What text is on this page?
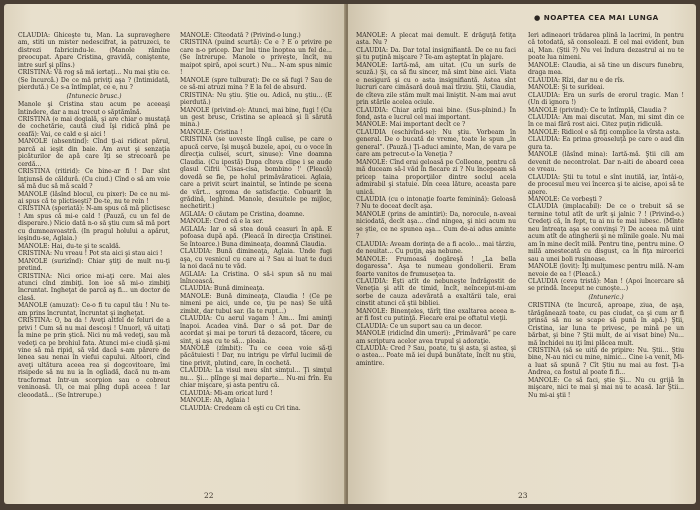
CLAUDIA: Ghiceşte tu, Man. La supraveghere am, stiti un mister nedescifrat, ia patruzeci, te distrezi fabricindu-le. (Manole rămîne preocupat. Apare Cristina, gravidă, coniştente, intre surî şi plîns.)

CRISTINA: Vă rog să mă iertaţi... Nu mai ştiu ce. (Se încurcă.) De ce mă priviţi aşa ? (Intimidată, pierdută.) Ce s-a întîmplat, ce e, nu ?

(Intunecic brusc.)

Manole şi Cristina stau acum pe aceeaşi întindere, dar a mai trecut o săptămînă.

CRISTINA (e mai dogială, şi are chiar o mustaţă de cochetărie, caută ciud îşi ridică pînă pe ceafă): Vai, ce cald e şi aici !

MANOLE (absentind): Cînd ţi-ai ridicat părul, parcă ai ieşit din baie. Am avut şi senzaţia picăturilor de apă care îţi se strecoară pe cerdă...

CRISTINA (ritirid): Ce bine-ar fi ! Dar sînt înţiunsă de căldură. (Cu ciud.) Cînd o să am voie să mă duc să mă scald ?

MANOLE (lăsînd blocul, cu pixer): De ce nu mi-ai spus că te plictiseşti? De-te, nu te rein !

CRISTINA (speriată): N-am spus că mă plictisesc ! Am spus că mi-e cald ! (Pauză, cu un fel de disperare.) Nicio dată n-o să ştiu cum să mă port cu dumneavoastră. (In pragul holului a apărut, ieşindu-se, Aglaia.)

MANOLE: Hai, du-te şi te scaldă.

CRISTINA: Nu vreau ! Pot sta aici şi stau aici !

MANOLE (surizînd): Chiar ştiţi de mult nu-ţi pretind.

CRISTINA: Nici orice mi-aţi cere. Mai ales atunci cînd zimbiţi. Ion ioe să mi-o zimbiţi încruntat. Ingheţat de parcă aş fi... un doctor de clasă.

MANOLE (amuzat): Ce-o fi tu capul tău ! Nu te-am prins încruntat, încruntat şi ingheţat.

CRISTINA: O, ba da ! Aveţi altfel de feluri de a privi ! Cum să nu mai descoşi ! Unuorl, vă uitaţi la mine pe prin ştică. Nici nu mă vedeţi, sau mă vedeţi ca pe brohiul fata. Atunci mi-e ciudă şi-mi vine să mă ripid, să văd dacă s-am părere de lenea sau nenai în viefui capului. Altoori, cînd aveţi ultătura aceea rea şi dogcovitoare, îmi risipede să nu nu ia în ogliadă, dacă nu m-am tracformat într-un scorpion sau o cobreut veninoasă. Ui, ce mai plîng după aceea ! Iar cleoodată... (Se întrerupe.)

MANOLE: Cîteodată ? (Privind-o lung.)

CRISTINA (puind scurtă): Ce e ? E o privire pe care n-o pricep. Dar îmi tine înoptea un fel de... (Se întrerupe. Manole o priveşte, încît, nu maipot spiră, apoi scurt.) Nu... N-am spus nimic !

MANOLE (spre tulburat): De ce să fugi ? Sau de ce să-mi atruzi mina ? E la fel de absurd.

CRISTINA: Nu ştiu. Ştie ou. Adică, nu ştiu... (E pierdută.)

MANOLE (privind-o): Atunci, mai bine, fugi ! (Cu un gest brusc, Cristina se apleacă şi îi sărută mina.)

MANOLE: Cristina !

CRISTINA (se uoveste lîngă culise, pe care o apucă cerve, îşi muşcă buzele, apoi, cu o voce în direcţia culiseĭ, scurt, sinuse): Vine doamna Claudia. (Cu ipostă) Dupa cîteva clipe i se aude glasul Cifrii 'Cisas-cisa, bombino !' (Pleacă) dovedă se fie, pe holul primăvăraticei. Aglaia, care a privit scurt inaintul, se întinde pe scena de vărt... sgroma de satisfacţie. Cobuarit în grădină, leghind. Manole, desuitele pe mijloc, nechetirit.)

AGLAIA: O căutam pe Cristina, doamne.

MANOLE: Cred că e la ser.

AGLAIA: Iar o să stea două ceasuri în apă. E pofoasa după apă. (Pleacă în direcţia Cristinei. Se întoarce.) Buna dimineaţa, doamnă Claudia.

CLAUDIA: Bună dimineaţa, Aglaia. Unde fugi aşa, cu vesnicul cu care ai ? Sau ai luat te duci la noi dacă nu te văd.

AGLAIA: La Cristina. O să-i spun să nu mai înîncească.

CLAUDIA: Bună dimineaţa.

MANOLE: Bună dimineaţa, Claudia ! (Ce pe nimeni pe aici, unde ce, ţiu pe nas) Se uită zimbit, dar tubul sar. (Ia te rupt...)

CLAUDIA: Cu aerul vagam ! Am... Îmi aminţi înapoi. Acadea vină. Dar o să pot. Dar de acordat şi mai pe toruri tă dezacord, tăcere, cu sint, şi aşa cu te să... ploaia.

MANOLE (zîmbit): Tu ce ceea voie să-ţi păcătuiesti ! Dar, nu intrigu pe vîrful lucimii de tine privit, plutind, care, în cochetă.

CLAUDIA: La visul meu sînt simţul... Ţi simţul nu... Şi... plînge şi mai departe... Nu-mi frîn. Eu chiar mişcare, şi asta pentru că.

CLAUDIA: Mi-am oricat lurd !

MANOLE: Ah, Aglaia !

CLAUDIA: Credeam că eşti cu Cri tina.

22
● NOAPTEA CEA MAI LUNGA

MANOLE: A plecat mai demult. E drăguţă fetiţa asta. Nu ?

CLAUDIA: Da. Dar total insignifiantă. De ce nu faci şi tu puţină mişcare ? Te-am aşteptat în plajare.

MANOLE: Iartă-mă, am uitat. (Cu un surîs de scuză.) Şi, ca să fiu sincer, mă simt bine aici. Viata e nesigură şi cu o asta insignifiantă. Astea sînt lucruri care cimăsară două mai tîrziu. Ştii, Claudia, de cîteva zile stăm mult mai liniştit. N-am mai avut prin stările acelea ociule.

CLAUDIA: Chiar arăţi mai bine. (Sus-pînind.) În fond, asta e lucrul cel mai important.

MANOLE: Mai important decît ce ?

CLAUDIA (eschivînd-se): Nu ştiu. Vorbeam în general. De o bucată de vreme, toate le spun „în general”. (Pauză.) Ţi-aduci aminte, Man, de vara pe care am petrecut-o la Veneţia ?

MANOLE: Cînd erai geloasă pe Colleone, pentru că mă duceam să-l văd în fiecare zi ? Nu începeam să pricep taina proporţiilor dintre soclul acela admirabil şi statuie. Din ceea lăture, aceasta pare unică.

CLAUDIA (cu o intonaţie foarte feminină): Geloasă ? Nu te doceat decît aşa.

MANOLE (prins de amintiri): Da, norocule, n-aveai niciodată, decît aşa... cînd ningea, şi nici acum nu se ştie, ce ne spunea aşa... Cum de-ai adus aminte ?

CLAUDIA: Aveam dorinţa de a fi acolo... mai târziu, de neuitat... Cu puţin, aşa nebune.

MANOLE: Frumoasă dogăreşă ! „La bella dogaressa”. Aşa te numeau gondolierii. Eram foarte vanitos de frumuseţea ta.

CLAUDIA: Eşti atît de nebuneşte îndrăgostit de Veneţia şi atît de timid, încît, neînceput-mi-am sorbe de cauza adevărată a exaltării tale, erai cinstit atunci că ştii bibliei.

MANOLE: Binenţeles, tărîţ tine exaltarea aceea n-ar fi fost cu putinţă. Fiecare erai pe oftatul vieţii.

CLAUDIA: Ce un suport sau ca un decor.

MANOLE (ridicînd din umeri): „Primăvară” pe care am scriptura acelor avea trupul şi adoraţie.

CLAUDIA: Cred ? Sau, poate, tu şi asta, şi astea, şi o astea... Poate mă iei după bunătate, încît nu ştiu, amintire.

Ieri adineaori trădarea plină la lacrimi, în pentru că totodată, să consoleazi. E cel mai evident, bun ai, Man. (Ştii ?) Nu vei îndura dezastrul ai nu te poate lua nimeni.

MANOLE: Claudia, ai să tine un discurs funebru, draga mea.

CLAUDIA: Rîzi, dar nu e de rîs.

MANOLE: Şi te surîdeai.

CLAUDIA: Era un surîs de erorul tragic. Man ! (Un di ignora !)

MANOLE (privind): Ce te întîmplă, Claudia ?

CLAUDIA: Am mai discutat. Man, mi simt din ce în ce mai fără rost aici. Citez puţin ridiculă.

MANOLE: Ridicol e să fiţi complice la vîrsta asta.

CLAUDIA: Ea prima groaseluţă pe care o aud din gura ta.

MANOLE (lăsînd mina): Iartă-mă. Ştii ciîi am devenit de necontrolat. Dar n-aiti de aboard ceea ce vreau.

CLAUDIA: Ştii tu totul e sînt inutilă, iar, întâi-o, de procesul meu vei încerca şi te aicise, apoi să te apere.

MANOLE: Ce vorbeşti ?

CLAUDIA (implacabil): De ce o trebuit să se termine totul atît de urît şi jalnic ? ! (Privind-o.) Credeţi că, în fept, tu ai nu te mai iubesc. (Mînte neu întreaţa aşa se convinşi ?) De aceea mă uint acum atît de atingherii şi ne mîinile goale. Nu mai am în mine decît milă. Pentru tine, pentru mine. O milă amestecată cu disgust, ca în fiţa mircerici sau a unei boli rușinoase.

MANOLE (lovit): Îţi mulţumesc pentru milă. N-am nevoie de ea ! (Pleacă.)

CLAUDIA (ceva tristă): Man ! (Apoi încercare să se prindă. Inceput ne cunoşte...)

(Intuneric.)

CRISTINA (te încurcă, aproape, ziua, de aşa, tărăgănează toate, cu pas ciudat, ca şi cum ar fi prinsă să nu se scape să pună în apă.) Ştii, Cristina, iar luna te privesc, pe mină pe un bărbat, şi bine ? Ştii mult, de ai visat bine) Nu... mă închidei nu iţi îmi plăcea mult.

CRISTINA (să se uită de pripire: Nu. Ştii... Ştiu bine, N-au nici cu mine, nimic... Cine i-a venit, Mi-a luat să spună ? Cît Ştiu nu mai au fost. Ţi-a Andrea, ca fostul al poate fi fi...

MANOLE: Ce să faci, ştie Şi... Nu cu grijă în mişcare, nici te mai şi mai nu te acasă. Iar Ştii... Nu mi-ai ştii !

23
